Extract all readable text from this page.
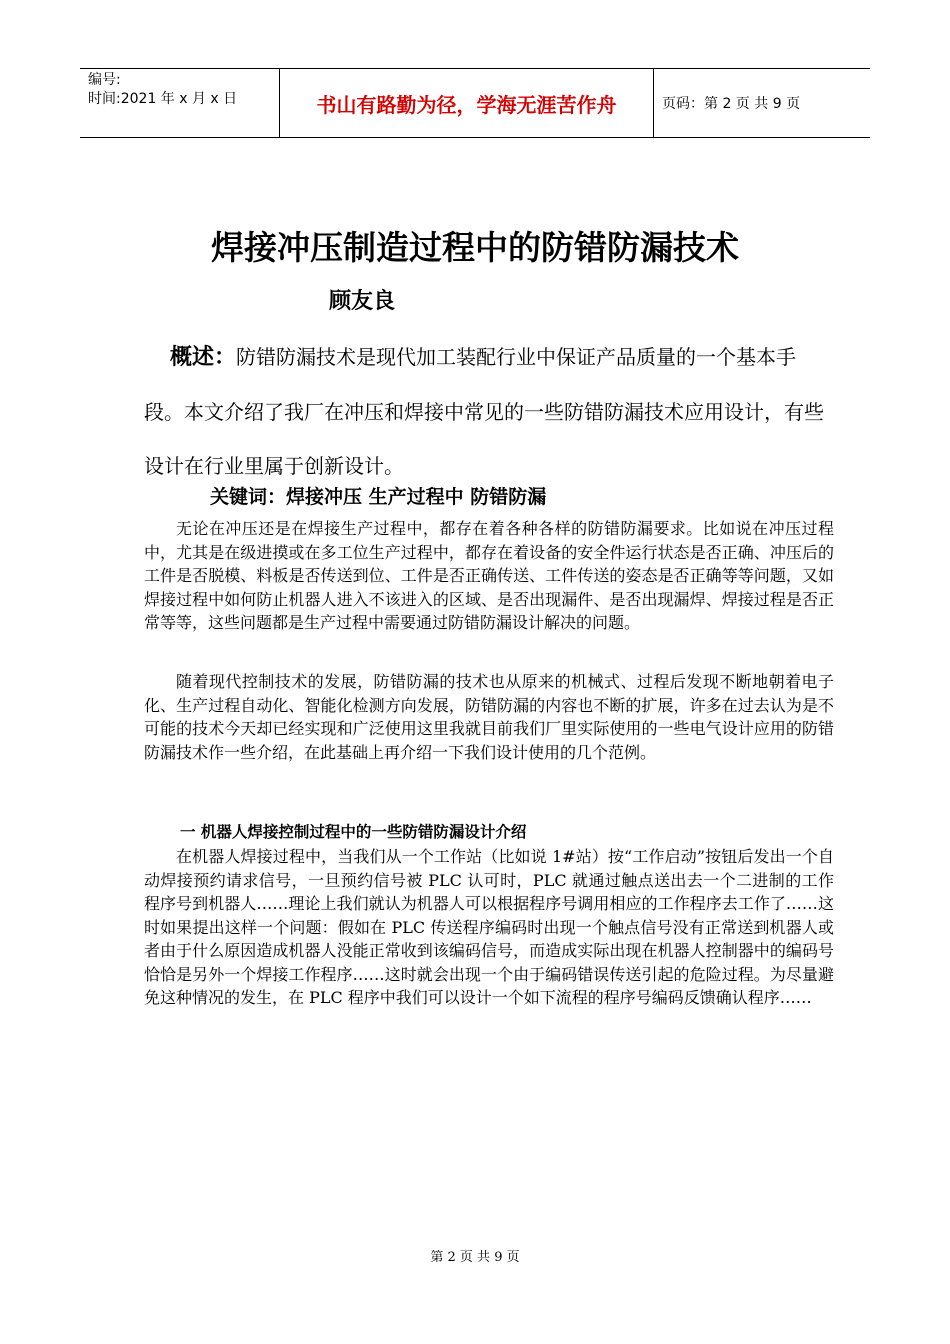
编号:
时间:2021 年 x 月 x 日	书山有路勤为径，学海无涯苦作舟	页码：第 2 页 共 9 页
焊接冲压制造过程中的防错防漏技术
顾友良
概述：防错防漏技术是现代加工装配行业中保证产品质量的一个基本手段。本文介绍了我厂在冲压和焊接中常见的一些防错防漏技术应用设计，有些设计在行业里属于创新设计。
关键词：焊接冲压 生产过程中 防错防漏
无论在冲压还是在焊接生产过程中，都存在着各种各样的防错防漏要求。比如说在冲压过程中，尤其是在级进摸或在多工位生产过程中，都存在着设备的安全件运行状态是否正确、冲压后的工件是否脱模、料板是否传送到位、工件是否正确传送、工件传送的姿态是否正确等等问题，又如焊接过程中如何防止机器人进入不该进入的区域、是否出现漏件、是否出现漏焊、焊接过程是否正常等等，这些问题都是生产过程中需要通过防错防漏设计解决的问题。
随着现代控制技术的发展，防错防漏的技术也从原来的机械式、过程后发现不断地朝着电子化、生产过程自动化、智能化检测方向发展，防错防漏的内容也不断的扩展，许多在过去认为是不可能的技术今天却已经实现和广泛使用这里我就目前我们厂里实际使用的一些电气设计应用的防错防漏技术作一些介绍，在此基础上再介绍一下我们设计使用的几个范例。
一 机器人焊接控制过程中的一些防错防漏设计介绍
在机器人焊接过程中，当我们从一个工作站（比如说 1#站）按“工作启动”按钮后发出一个自动焊接预约请求信号，一旦预约信号被 PLC 认可时，PLC 就通过触点送出去一个二进制的工作程序号到机器人……理论上我们就认为机器人可以根据程序号调用相应的工作程序去工作了……这时如果提出这样一个问题：假如在 PLC 传送程序编码时出现一个触点信号没有正常送到机器人或者由于什么原因造成机器人没能正常收到该编码信号，而造成实际出现在机器人控制器中的编码号恰恰是另外一个焊接工作程序……这时就会出现一个由于编码错误传送引起的危险过程。为尽量避免这种情况的发生，在 PLC 程序中我们可以设计一个如下流程的程序号编码反馈确认程序……
第 2 页 共 9 页
